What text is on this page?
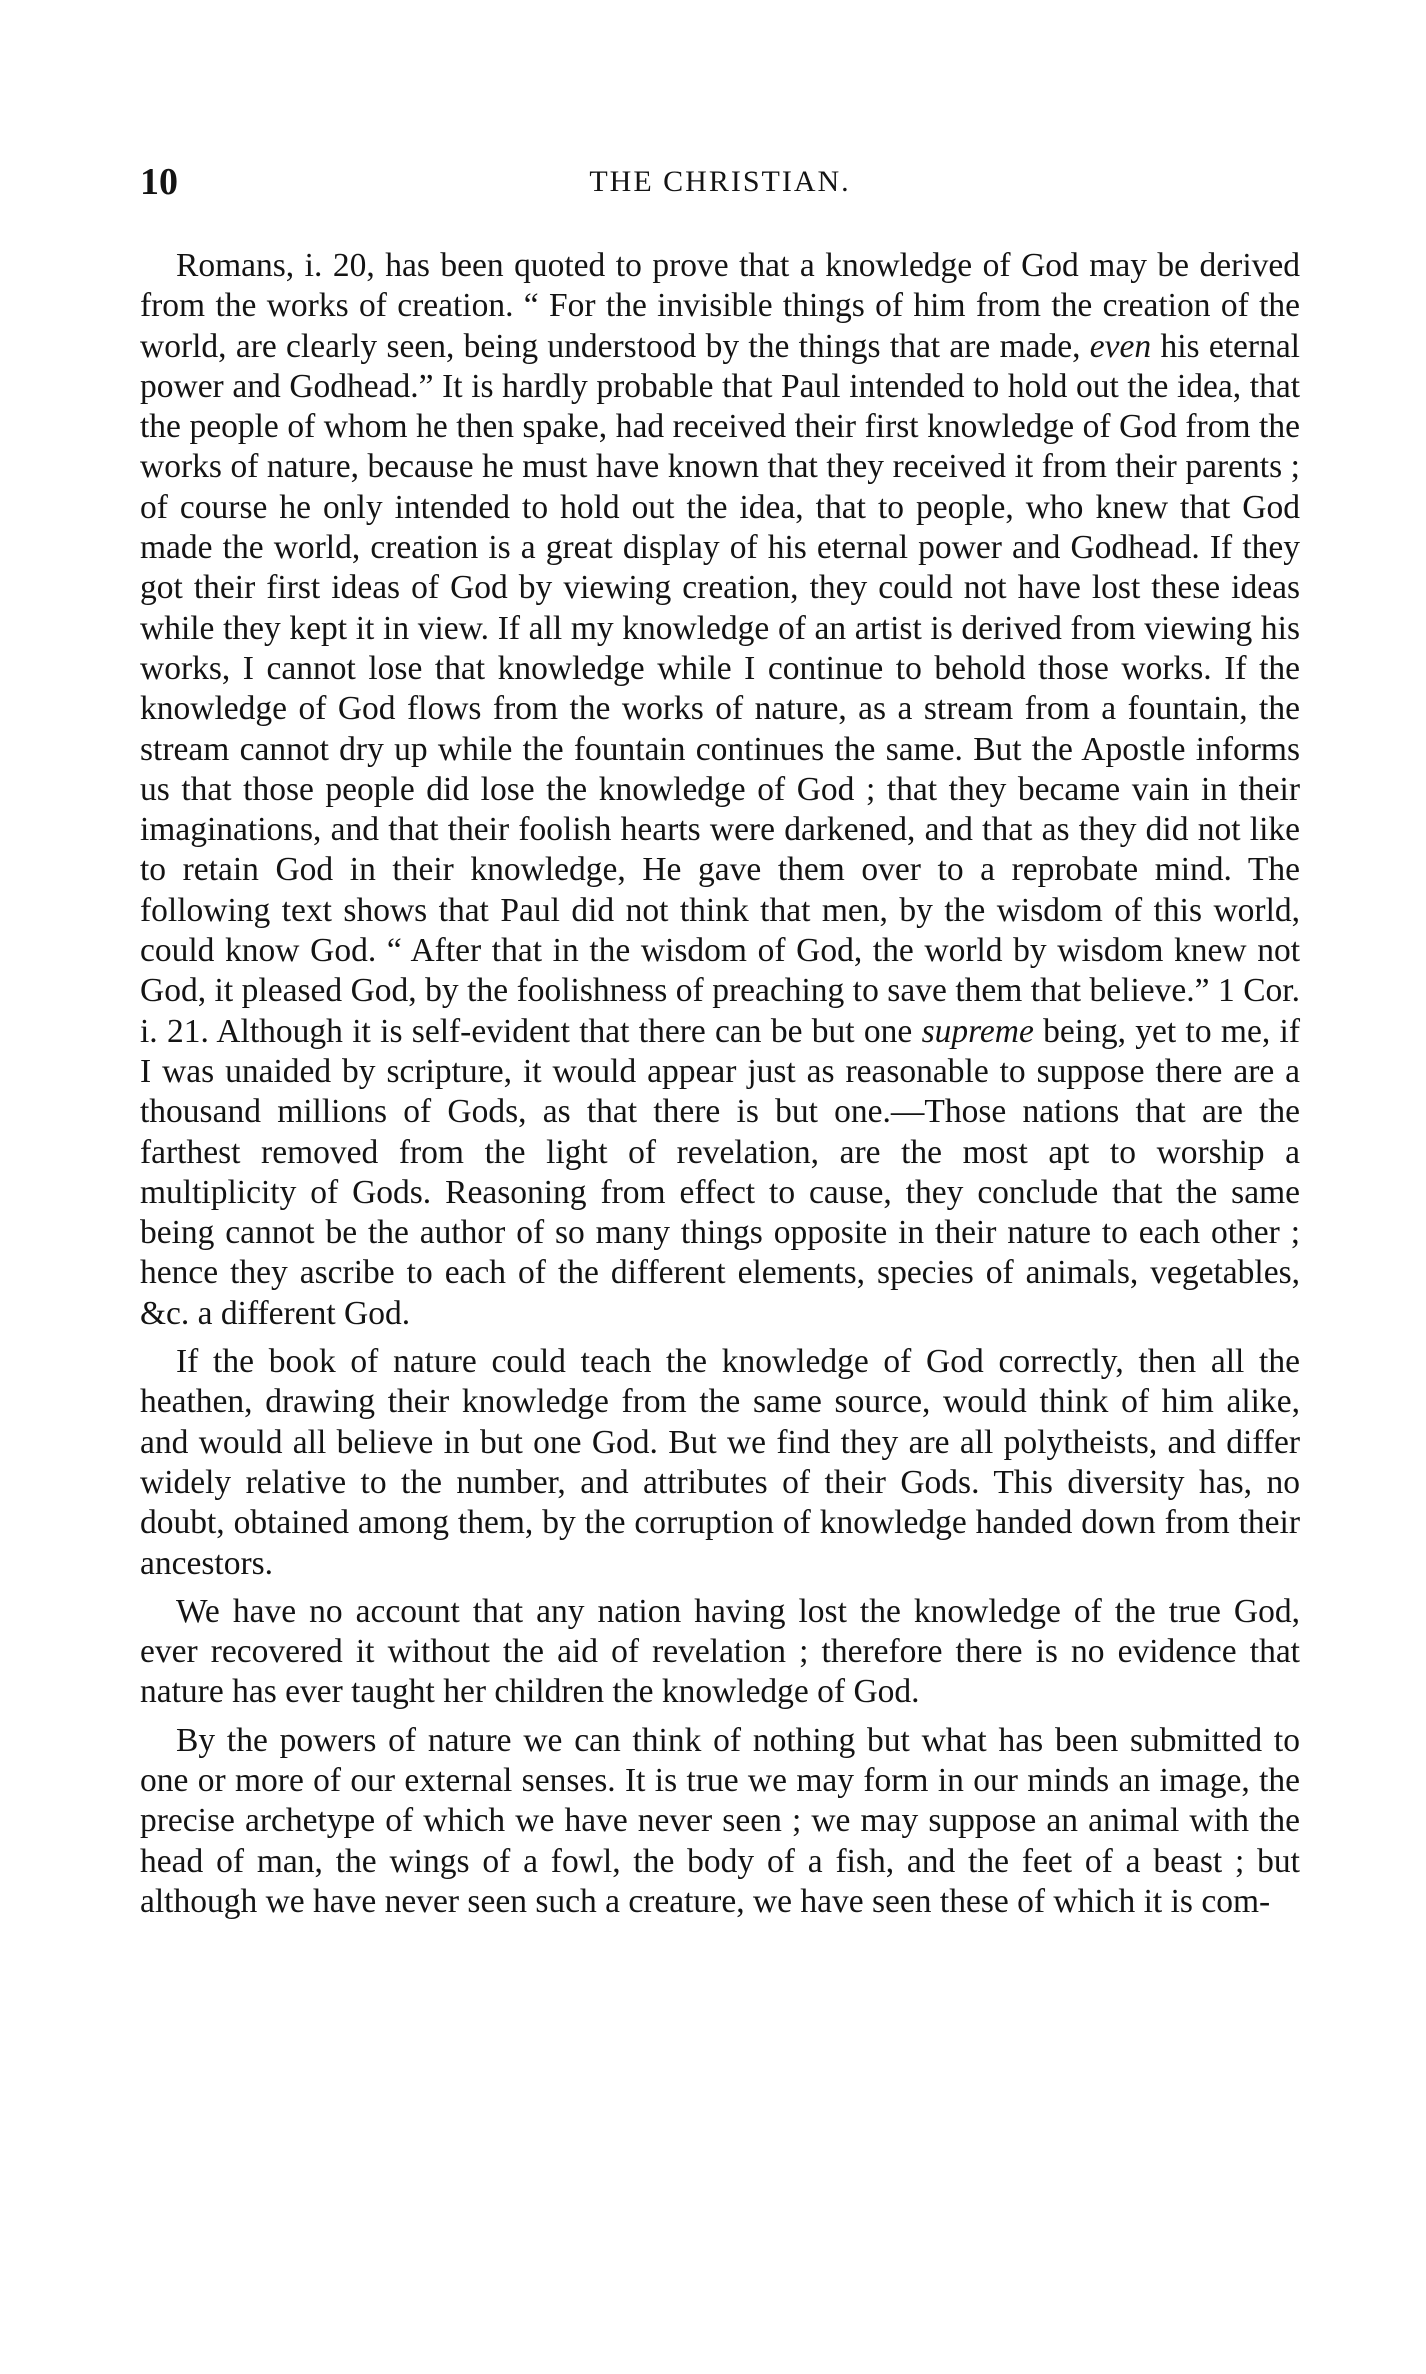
10	THE CHRISTIAN.

Romans, i. 20, has been quoted to prove that a knowledge of God may be derived from the works of creation. “ For the invisible things of him from the creation of the world, are clearly seen, being understood by the things that are made, even his eternal power and Godhead.” It is hardly probable that Paul intended to hold out the idea, that the people of whom he then spake, had received their first knowledge of God from the works of nature, because he must have known that they received it from their parents ; of course he only intended to hold out the idea, that to people, who knew that God made the world, creation is a great display of his eternal power and Godhead. If they got their first ideas of God by viewing creation, they could not have lost these ideas while they kept it in view. If all my knowledge of an artist is derived from viewing his works, I cannot lose that knowledge while I continue to behold those works. If the knowledge of God flows from the works of nature, as a stream from a fountain, the stream cannot dry up while the fountain continues the same. But the Apostle informs us that those people did lose the knowledge of God ; that they became vain in their imaginations, and that their foolish hearts were darkened, and that as they did not like to retain God in their knowledge, He gave them over to a reprobate mind. The following text shows that Paul did not think that men, by the wisdom of this world, could know God. “ After that in the wisdom of God, the world by wisdom knew not God, it pleased God, by the foolishness of preaching to save them that believe.” 1 Cor. i. 21. Although it is self-evident that there can be but one supreme being, yet to me, if I was unaided by scripture, it would appear just as reasonable to suppose there are a thousand millions of Gods, as that there is but one.—Those nations that are the farthest removed from the light of revelation, are the most apt to worship a multiplicity of Gods. Reasoning from effect to cause, they conclude that the same being cannot be the author of so many things opposite in their nature to each other ; hence they ascribe to each of the different elements, species of animals, vegetables, &c. a different God.

If the book of nature could teach the knowledge of God correctly, then all the heathen, drawing their knowledge from the same source, would think of him alike, and would all believe in but one God. But we find they are all polytheists, and differ widely relative to the number, and attributes of their Gods. This diversity has, no doubt, obtained among them, by the corruption of knowledge handed down from their ancestors.

We have no account that any nation having lost the knowledge of the true God, ever recovered it without the aid of revelation ; therefore there is no evidence that nature has ever taught her children the knowledge of God.

By the powers of nature we can think of nothing but what has been submitted to one or more of our external senses. It is true we may form in our minds an image, the precise archetype of which we have never seen ; we may suppose an animal with the head of man, the wings of a fowl, the body of a fish, and the feet of a beast ; but although we have never seen such a creature, we have seen these of which it is com-
